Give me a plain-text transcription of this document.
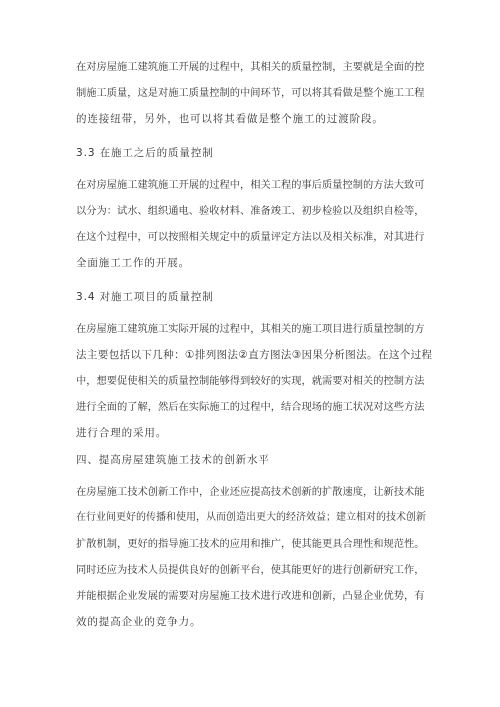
在对房屋施工建筑施工开展的过程中，其相关的质量控制，主要就是全面的控
制施工质量，这是对施工质量控制的中间环节，可以将其看做是整个施工工程
的连接纽带，另外，也可以将其看做是整个施工的过渡阶段。
3.3 在施工之后的质量控制
在对房屋施工建筑施工开展的过程中，相关工程的事后质量控制的方法大致可
以分为：试水、组织通电、验收材料、准备竣工、初步检验以及组织自检等，
在这个过程中，可以按照相关规定中的质量评定方法以及相关标准，对其进行
全面施工工作的开展。
3.4 对施工项目的质量控制
在房屋施工建筑施工实际开展的过程中，其相关的施工项目进行质量控制的方
法主要包括以下几种：①排列图法②直方图法③因果分析图法。在这个过程
中，想要促使相关的质量控制能够得到较好的实现，就需要对相关的控制方法
进行全面的了解，然后在实际施工的过程中，结合现场的施工状况对这些方法
进行合理的采用。
四、提高房屋建筑施工技术的创新水平
在房屋施工技术创新工作中，企业还应提高技术创新的扩散速度，让新技术能
在行业间更好的传播和使用，从而创造出更大的经济效益；建立相对的技术创新
扩散机制，更好的指导施工技术的应用和推广，使其能更具合理性和规范性。
同时还应为技术人员提供良好的创新平台，使其能更好的进行创新研究工作，
并能根据企业发展的需要对房屋施工技术进行改进和创新，凸显企业优势，有
效的提高企业的竞争力。
